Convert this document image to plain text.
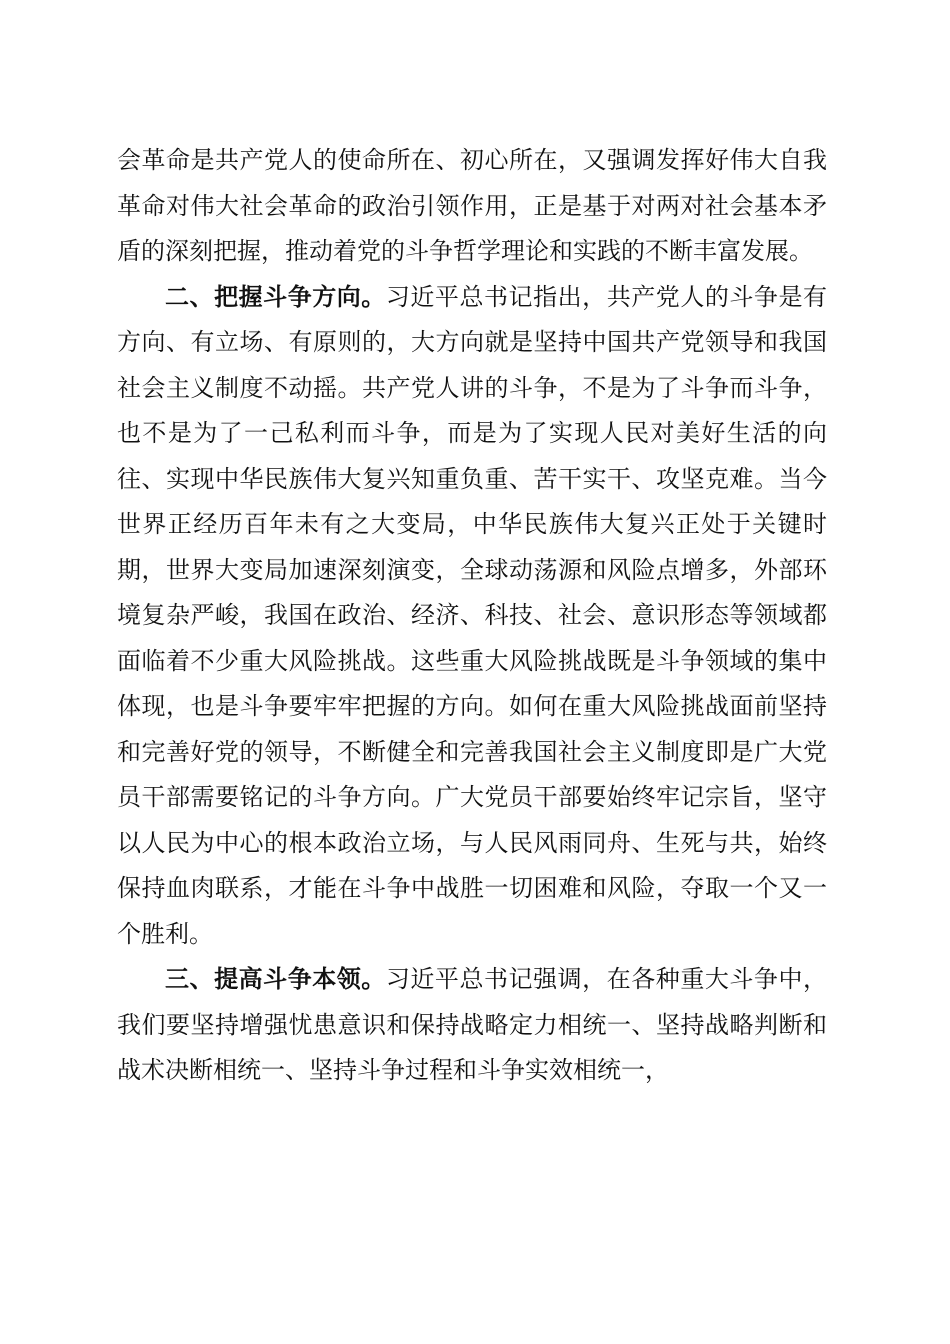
会革命是共产党人的使命所在、初心所在，又强调发挥好伟大自我革命对伟大社会革命的政治引领作用，正是基于对两对社会基本矛盾的深刻把握，推动着党的斗争哲学理论和实践的不断丰富发展。

二、把握斗争方向。习近平总书记指出，共产党人的斗争是有方向、有立场、有原则的，大方向就是坚持中国共产党领导和我国社会主义制度不动摇。共产党人讲的斗争，不是为了斗争而斗争，也不是为了一己私利而斗争，而是为了实现人民对美好生活的向往、实现中华民族伟大复兴知重负重、苦干实干、攻坚克难。当今世界正经历百年未有之大变局，中华民族伟大复兴正处于关键时期，世界大变局加速深刻演变，全球动荡源和风险点增多，外部环境复杂严峻，我国在政治、经济、科技、社会、意识形态等领域都面临着不少重大风险挑战。这些重大风险挑战既是斗争领域的集中体现，也是斗争要牢牢把握的方向。如何在重大风险挑战面前坚持和完善好党的领导，不断健全和完善我国社会主义制度即是广大党员干部需要铭记的斗争方向。广大党员干部要始终牢记宗旨，坚守以人民为中心的根本政治立场，与人民风雨同舟、生死与共，始终保持血肉联系，才能在斗争中战胜一切困难和风险，夺取一个又一个胜利。

三、提高斗争本领。习近平总书记强调，在各种重大斗争中，我们要坚持增强忧患意识和保持战略定力相统一、坚持战略判断和战术决断相统一、坚持斗争过程和斗争实效相统一，
